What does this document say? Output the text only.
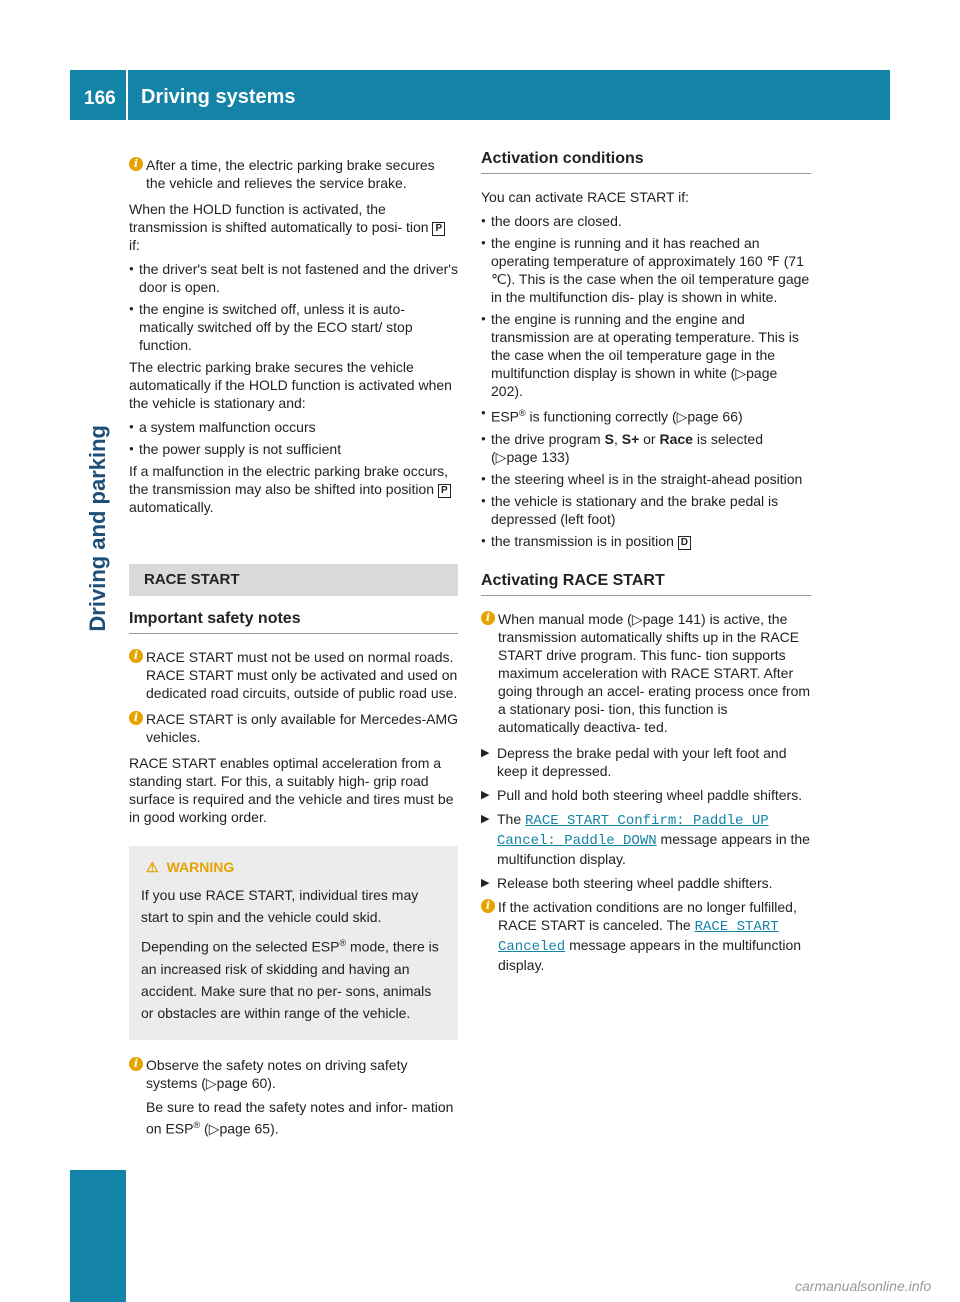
166 Driving systems
Driving and parking
i After a time, the electric parking brake secures the vehicle and relieves the service brake.

When the HOLD function is activated, the transmission is shifted automatically to posi- tion P if:

● the driver's seat belt is not fastened and the driver's door is open.
● the engine is switched off, unless it is auto- matically switched off by the ECO start/ stop function.

The electric parking brake secures the vehicle automatically if the HOLD function is activated when the vehicle is stationary and:

● a system malfunction occurs
● the power supply is not sufficient

If a malfunction in the electric parking brake occurs, the transmission may also be shifted into position P automatically.

RACE START
Important safety notes
i RACE START must not be used on normal roads. RACE START must only be activated and used on dedicated road circuits, outside of public road use.
i RACE START is only available for Mercedes-AMG vehicles.

RACE START enables optimal acceleration from a standing start. For this, a suitably high- grip road surface is required and the vehicle and tires must be in good working order.

⚠ WARNING

If you use RACE START, individual tires may start to spin and the vehicle could skid.

Depending on the selected ESP® mode, there is an increased risk of skidding and having an accident. Make sure that no per- sons, animals or obstacles are within range of the vehicle.

i Observe the safety notes on driving safety systems (▷page 60).
Be sure to read the safety notes and infor- mation on ESP® (▷page 65).
Activation conditions

You can activate RACE START if:

● the doors are closed.
● the engine is running and it has reached an operating temperature of approximately 160 ℉ (71 ℃). This is the case when the oil temperature gage in the multifunction dis- play is shown in white.
● the engine is running and the engine and transmission are at operating temperature. This is the case when the oil temperature gage in the multifunction display is shown in white (▷page 202).
● ESP® is functioning correctly (▷page 66)
● the drive program S, S+ or Race is selected
(▷page 133)
● the steering wheel is in the straight-ahead position
● the vehicle is stationary and the brake pedal is depressed (left foot)
● the transmission is in position D
Activating RACE START
i When manual mode (▷page 141) is active, the transmission automatically shifts up in the RACE START drive program. This func- tion supports maximum acceleration with RACE START. After going through an accel- erating process once from a stationary posi- tion, this function is automatically deactiva- ted.
▶ Depress the brake pedal with your left foot and keep it depressed.
▶ Pull and hold both steering wheel paddle shifters.
▶ The RACE START Confirm: Paddle UP Cancel: Paddle DOWN message appears in the multifunction display.
▶ Release both steering wheel paddle shifters.
i If the activation conditions are no longer fulfilled, RACE START is canceled. The RACE START Canceled message appears in the multifunction display.
carmanualsonline.info
